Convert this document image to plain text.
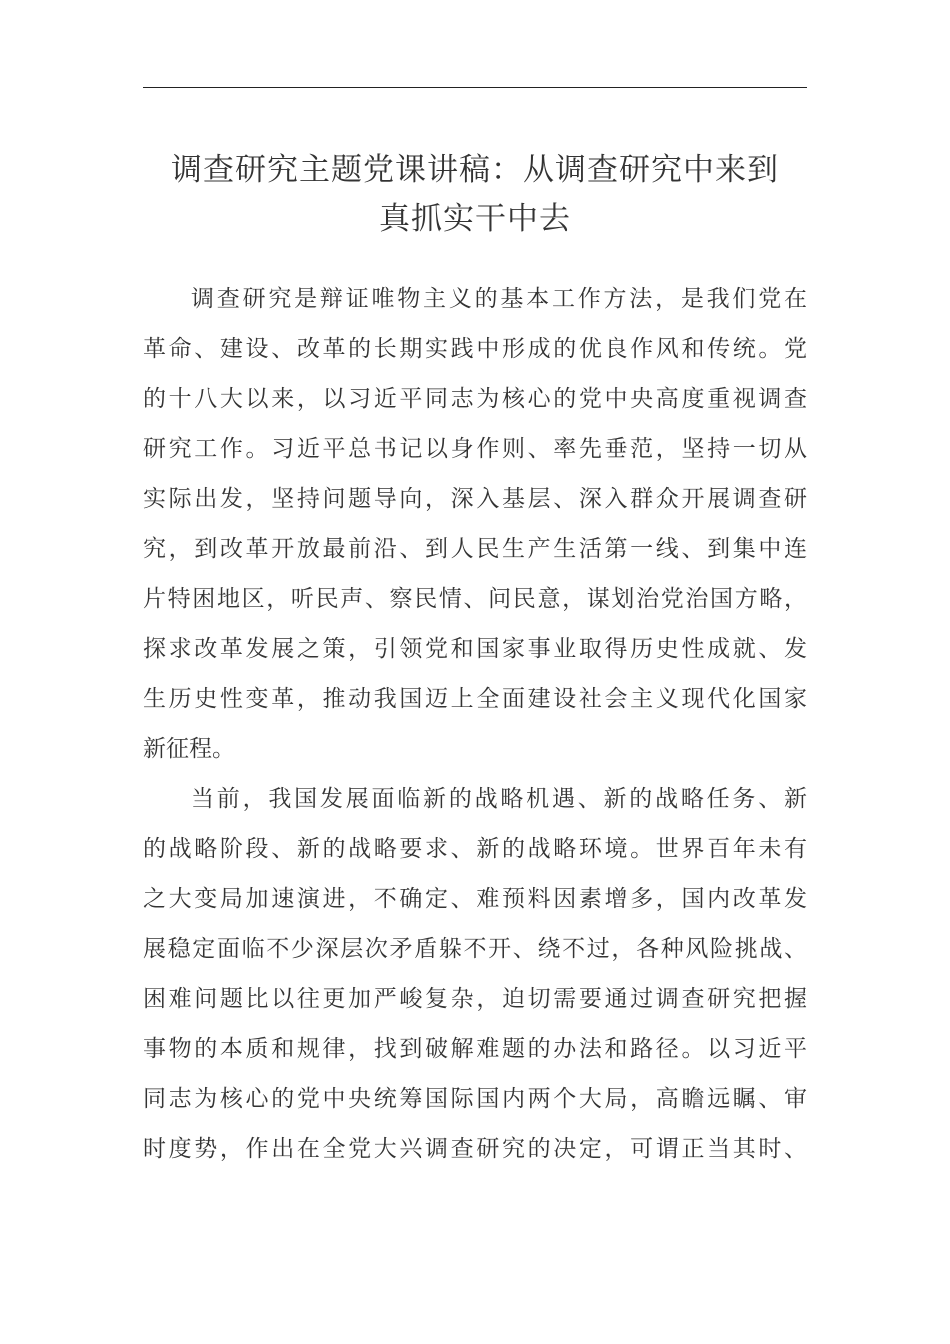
调查研究主题党课讲稿：从调查研究中来到
真抓实干中去

调查研究是辩证唯物主义的基本工作方法，是我们党在
革命、建设、改革的长期实践中形成的优良作风和传统。党
的十八大以来，以习近平同志为核心的党中央高度重视调查
研究工作。习近平总书记以身作则、率先垂范，坚持一切从
实际出发，坚持问题导向，深入基层、深入群众开展调查研
究，到改革开放最前沿、到人民生产生活第一线、到集中连
片特困地区，听民声、察民情、问民意，谋划治党治国方略，
探求改革发展之策，引领党和国家事业取得历史性成就、发
生历史性变革，推动我国迈上全面建设社会主义现代化国家
新征程。

当前，我国发展面临新的战略机遇、新的战略任务、新
的战略阶段、新的战略要求、新的战略环境。世界百年未有
之大变局加速演进，不确定、难预料因素增多，国内改革发
展稳定面临不少深层次矛盾躲不开、绕不过，各种风险挑战、
困难问题比以往更加严峻复杂，迫切需要通过调查研究把握
事物的本质和规律，找到破解难题的办法和路径。以习近平
同志为核心的党中央统筹国际国内两个大局，高瞻远瞩、审
时度势，作出在全党大兴调查研究的决定，可谓正当其时、
